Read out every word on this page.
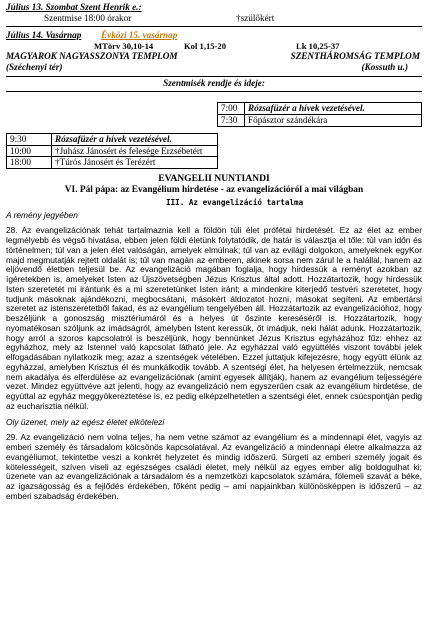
Július 13. Szombat Szent Henrik e.:
Szentmise 18:00 órakor	†szülőkért
Július 14. Vasárnap Évközi 15. vasárnap
MTörv 30,10-14	Kol 1,15-20	Lk 10,25-37
MAGYAROK NAGYASSZONYA TEMPLOM	SZENTHÁROMSÁG TEMPLOM
(Széchenyi tér)	(Kossuth u.)
Szentmisék rendje és ideje:
7:00	Rózsafüzér a hívek vezetésével.
7:30	Főpásztor szándékára
9:30	Rózsafüzér a hívek vezetésével.
10:00	†Juhász Jánosért és felesége Erzsébetért
18:00	†Túrós Jánosért és Terézért
EVANGELII NUNTIANDI
VI. Pál pápa: az Evangélium hirdetése - az evangelizációról a mai világban
III. Az evangelizáció tartalma
A remény jegyében

28. Az evangelizációnak tehát tartalmaznia kell a földön túli élet prófétai hirdetését. Ez az élet az ember legmélyebb és végső hivatása, ebben jelen földi életünk folytatódik, de határ is választja el tőle: túl van időn és történelmen; túl van a jelen élet valóságán, amelyek elmúlnak; túl van az evilági dolgokon, amelyeknek egyKor majd megmutatják rejtett oldalát is; túl van magán az emberen, akinek sorsa nem zárul le a halállal, hanem az eljövendő életben teljesül be. Az evangelizáció magában foglalja, hogy hirdessük a reményt azokban az ígéretekben is, amelyeket Isten az Újszövetségben Jézus Krisztus által adott. Hozzátartozik, hogy hirdessük Isten szeretetét mi irántunk és a mi szeretetünket Isten iránt; a mindenkire kiterjedő testvéri szeretetet, hogy tudjunk másoknak ajándékozni, megbocsátani, másokért áldozatot hozni, másokat segíteni. Az embertársi szeretet az istenszeretetből fakad, és az evangélium tengelyében áll. Hozzátartozik az evangelizációhoz, hogy beszéljünk a gonoszság misztériumáról és a helyes út őszinte kereséséről is. Hozzátartozik, hogy nyomatékosan szóljunk az imádságról, amelyben Istent keressük, őt imádjuk, neki hálát adunk. Hozzátartozik, hogy arról a szoros kapcsolatról is beszéljünk, hogy bennünket Jézus Krisztus egyházához fűz: ehhez az egyházhoz, mely az Istennel való kapcsolat látható jele. Az egyházzal való együttélés viszont további jelek elfogadásában nyilatkozik meg; azaz a szentségek vételében. Ezzel juttatjuk kifejezésre, hogy együtt élünk az egyházzal, amelyben Krisztus él és munkálkodik tovább. A szentségi élet, ha helyesen értelmezzük, nemcsak nem akadálya és elferdülése az evangelizációnak (amint egyesek állítják), hanem az evangélium teljességére vezet. Mindez együttvéve azt jelenti, hogy az evangelizáció nem egyszerűen csak az evangélium hirdetése, de egyúttal az egyház meggyökereztetése is, ez pedig elképzelhetetlen a szentségi élet, ennek csúcspontján pedig az eucharisztia nélkül.

Oly üzenet, mely az egész életet elkötelezi

29. Az evangelizáció nem volna teljes, ha nem vetne számot az evangélium és a mindennapi élet, vagyis az emberi személy és társadalom kölcsönös kapcsolatával. Az evangelizáció a mindennapi életre alkalmazza az evangéliumot, tekintetbe veszi a konkrét helyzetet és mindig időszerű. Sürgeti az emberi személy jogait és kötelességeit, szíven viseli az egészséges családi életet, mely nélkül az egyes ember alig boldogulhat ki; üzenete van az evangelizációnak a társadalom és a nemzetközi kapcsolatok számára, fölemeli szavát a béke, az igazságosság és a fejlődés érdekében, főként pedig – ami napjainkban különösképpen is időszerű – az emberi szabadság érdekében.
